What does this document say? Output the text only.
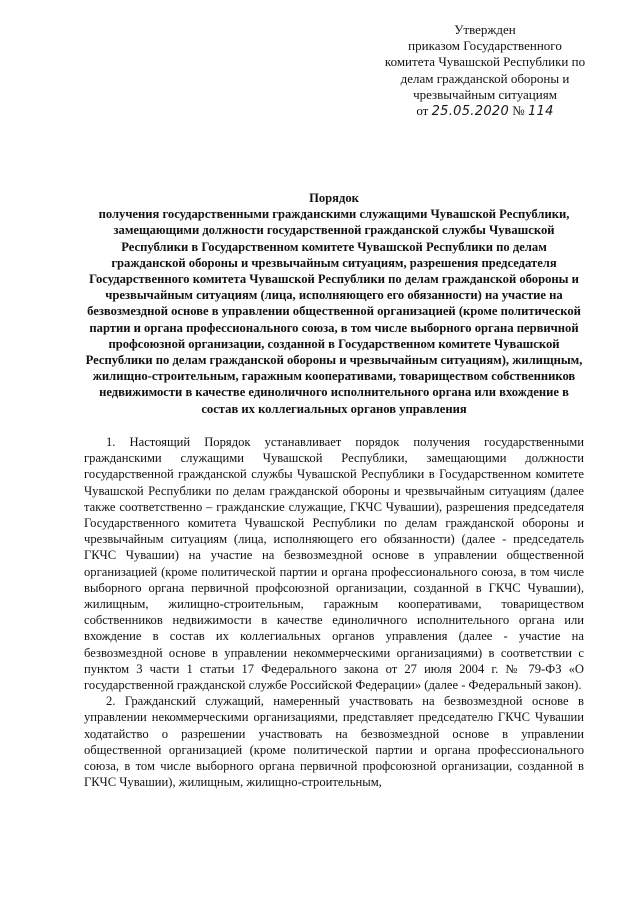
Утвержден
приказом Государственного
комитета Чувашской Республики по
делам гражданской обороны и
чрезвычайным ситуациям
от 25.05.2020 № 114
Порядок
получения государственными гражданскими служащими Чувашской Республики, замещающими должности государственной гражданской службы Чувашской Республики в Государственном комитете Чувашской Республики по делам гражданской обороны и чрезвычайным ситуациям, разрешения председателя Государственного комитета Чувашской Республики по делам гражданской обороны и чрезвычайным ситуациям (лица, исполняющего его обязанности) на участие на безвозмездной основе в управлении общественной организацией (кроме политической партии и органа профессионального союза, в том числе выборного органа первичной профсоюзной организации, созданной в Государственном комитете Чувашской Республики по делам гражданской обороны и чрезвычайным ситуациям), жилищным, жилищно-строительным, гаражным кооперативами, товариществом собственников недвижимости в качестве единоличного исполнительного органа или вхождение в состав их коллегиальных органов управления

1. Настоящий Порядок устанавливает порядок получения государственными гражданскими служащими Чувашской Республики, замещающими должности государственной гражданской службы Чувашской Республики в Государственном комитете Чувашской Республики по делам гражданской обороны и чрезвычайным ситуациям (далее также соответственно – гражданские служащие, ГКЧС Чувашии), разрешения председателя Государственного комитета Чувашской Республики по делам гражданской обороны и чрезвычайным ситуациям (лица, исполняющего его обязанности) (далее - председатель ГКЧС Чувашии) на участие на безвозмездной основе в управлении общественной организацией (кроме политической партии и органа профессионального союза, в том числе выборного органа первичной профсоюзной организации, созданной в ГКЧС Чувашии), жилищным, жилищно-строительным, гаражным кооперативами, товариществом собственников недвижимости в качестве единоличного исполнительного органа или вхождение в состав их коллегиальных органов управления (далее - участие на безвозмездной основе в управлении некоммерческими организациями) в соответствии с пунктом 3 части 1 статьи 17 Федерального закона от 27 июля 2004 г. № 79-ФЗ «О государственной гражданской службе Российской Федерации» (далее - Федеральный закон).

2. Гражданский служащий, намеренный участвовать на безвозмездной основе в управлении некоммерческими организациями, представляет председателю ГКЧС Чувашии ходатайство о разрешении участвовать на безвозмездной основе в управлении общественной организацией (кроме политической партии и органа профессионального союза, в том числе выборного органа первичной профсоюзной организации, созданной в ГКЧС Чувашии), жилищным, жилищно-строительным,
